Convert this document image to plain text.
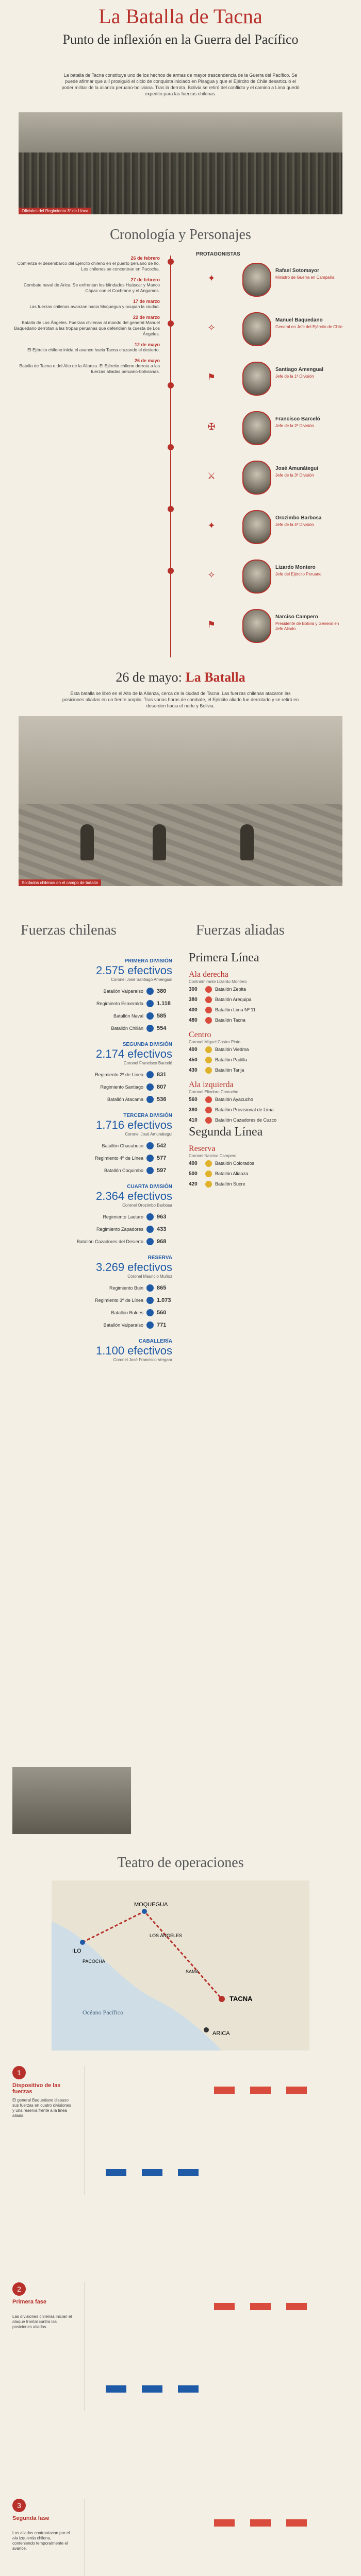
La Batalla de Tacna
Punto de inflexión en la Guerra del Pacífico
La batalla de Tacna constituye uno de los hechos de armas de mayor trascendencia de la Guerra del Pacífico. Se puede afirmar que allí prosiguió el ciclo de conquista iniciado en Pisagua y que el Ejército de Chile desarticuló el poder militar de la alianza peruano-boliviana. Tras la derrota, Bolivia se retiró del conflicto y el camino a Lima quedó expedito para las fuerzas chilenas.
Oficiales del Regimiento 3º de Línea
Cronología y Personajes
26 de febrero
Comienza el desembarco del Ejército chileno en el puerto peruano de Ilo. Los chilenos se concentran en Pacocha.
27 de febrero
Combate naval de Arica. Se enfrentan los blindados Huáscar y Manco Cápac con el Cochrane y el Angamos.
17 de marzo
Las fuerzas chilenas avanzan hacia Moquegua y ocupan la ciudad.
22 de marzo
Batalla de Los Ángeles. Fuerzas chilenas al mando del general Manuel Baquedano derrotan a las tropas peruanas que defendían la cuesta de Los Ángeles.
12 de mayo
El Ejército chileno inicia el avance hacia Tacna cruzando el desierto.
26 de mayo
Batalla de Tacna o del Alto de la Alianza. El Ejército chileno derrota a las fuerzas aliadas peruano-bolivianas.
PROTAGONISTAS
Rafael Sotomayor
Ministro de Guerra en Campaña
✦
Manuel Baquedano
General en Jefe del Ejército de Chile
✧
Santiago Amengual
Jefe de la 1ª División
⚑
Francisco Barceló
Jefe de la 2ª División
✠
José Amunátegui
Jefe de la 3ª División
⚔
Orozimbo Barbosa
Jefe de la 4ª División
✦
Lizardo Montero
Jefe del Ejército Peruano
✧
Narciso Campero
Presidente de Bolivia y General en Jefe Aliado
⚑
26 de mayo: La Batalla
Esta batalla se libró en el Alto de la Alianza, cerca de la ciudad de Tacna. Las fuerzas chilenas atacaron las posiciones aliadas en un frente amplio. Tras varias horas de combate, el Ejército aliado fue derrotado y se retiró en desorden hacia el norte y Bolivia.
Soldados chilenos en el campo de batalla
Fuerzas chilenas	Fuerzas aliadas
PRIMERA DIVISIÓN
2.575 efectivos
Coronel José Santiago Amengual
Batallón Valparaíso 380
Regimiento Esmeralda 1.118
Batallón Naval 585
Batallón Chillán 554
SEGUNDA DIVISIÓN
2.174 efectivos
Coronel Francisco Barceló
Regimiento 2º de Línea 831
Regimiento Santiago 807
Batallón Atacama 536
TERCERA DIVISIÓN
1.716 efectivos
Coronel José Amunátegui
Batallón Chacabuco 542
Regimiento 4º de Línea 577
Batallón Coquimbo 597
CUARTA DIVISIÓN
2.364 efectivos
Coronel Orozimbo Barbosa
Regimiento Lautaro 963
Regimiento Zapadores 433
Batallón Cazadores del Desierto 968
RESERVA
3.269 efectivos
Coronel Mauricio Muñoz
Regimiento Buin 865
Regimiento 3º de Línea 1.073
Batallón Bulnes 560
Batallón Valparaíso 771
CABALLERÍA
1.100 efectivos
Coronel José Francisco Vergara
Primera Línea
Ala derecha
Contralmirante Lizardo Montero
300	Batallón Zepita
380	Batallón Arequipa
400	Batallón Lima Nº 11
480	Batallón Tacna
Centro
Coronel Miguel Castro Pinto
400	Batallón Viedma
450	Batallón Padilla
430	Batallón Tarija
Ala izquierda
Coronel Eliodoro Camacho
560	Batallón Ayacucho
380	Batallón Provisional de Lima
410	Batallón Cazadores de Cuzco
Segunda Línea
Reserva
Coronel Narciso Campero
400	Batallón Colorados
500	Batallón Alianza
420	Batallón Sucre
Teatro de operaciones
ILO
MOQUEGUA
PACOCHA
TACNA
ARICA
Océano Pacífico
LOS ÁNGELES
SAMA
1
Dispositivo de las fuerzas
El general Baquedano dispuso sus fuerzas en cuatro divisiones y una reserva frente a la línea aliada.
2
Primera fase
Las divisiones chilenas inician el ataque frontal contra las posiciones aliadas.
3
Segunda fase
Los aliados contraatacan por el ala izquierda chilena, conteniendo temporalmente el avance.
